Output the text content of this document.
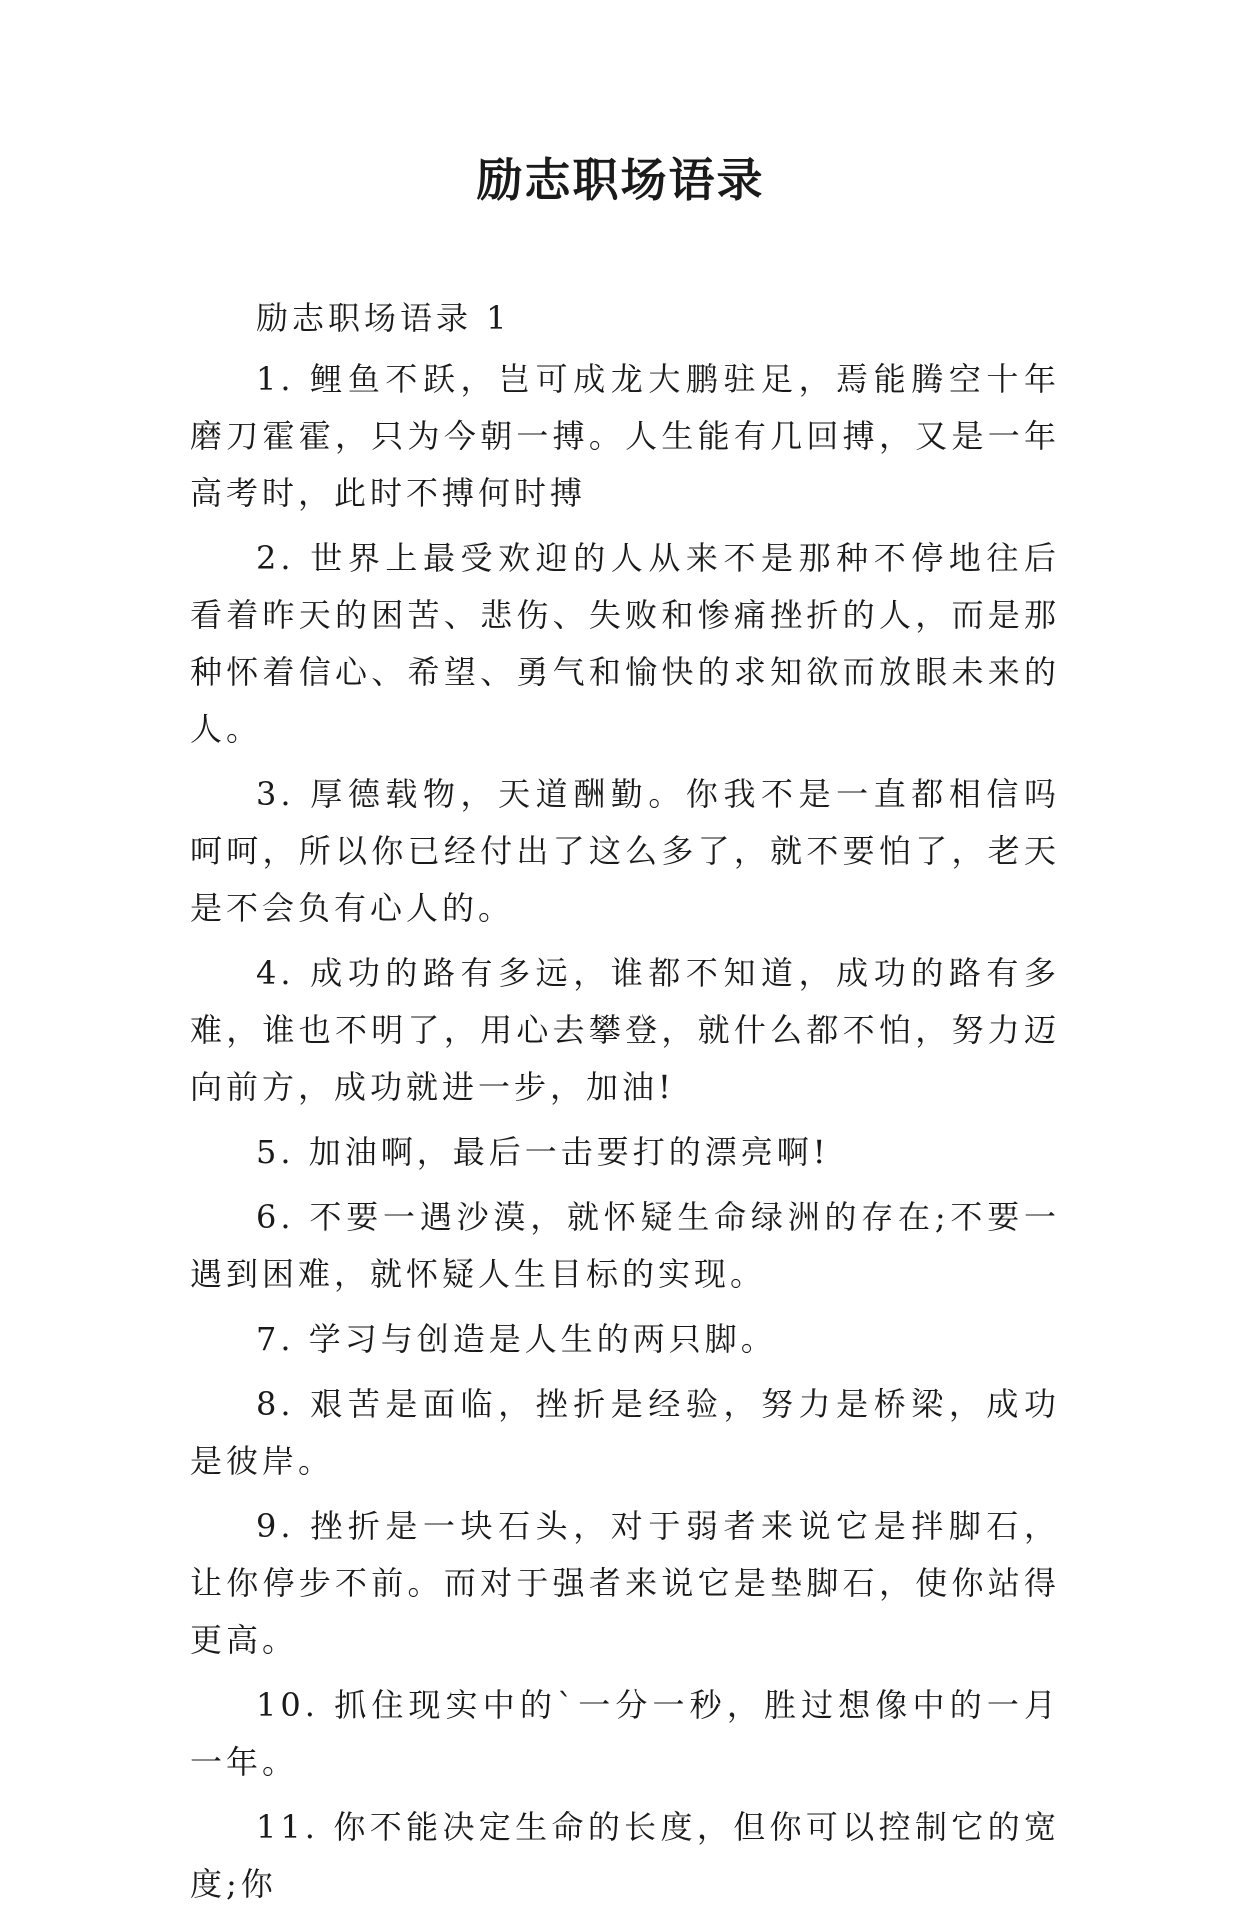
励志职场语录

励志职场语录 1

1. 鲤鱼不跃，岂可成龙大鹏驻足，焉能腾空十年磨刀霍霍，只为今朝一搏。人生能有几回搏，又是一年高考时，此时不搏何时搏

2. 世界上最受欢迎的人从来不是那种不停地往后看着昨天的困苦、悲伤、失败和惨痛挫折的人，而是那种怀着信心、希望、勇气和愉快的求知欲而放眼未来的人。

3. 厚德载物，天道酬勤。你我不是一直都相信吗呵呵，所以你已经付出了这么多了，就不要怕了，老天是不会负有心人的。

4. 成功的路有多远，谁都不知道，成功的路有多难，谁也不明了，用心去攀登，就什么都不怕，努力迈向前方，成功就进一步，加油!

5. 加油啊，最后一击要打的漂亮啊!

6. 不要一遇沙漠，就怀疑生命绿洲的存在;不要一遇到困难，就怀疑人生目标的实现。

7. 学习与创造是人生的两只脚。

8. 艰苦是面临，挫折是经验，努力是桥梁，成功是彼岸。

9. 挫折是一块石头，对于弱者来说它是拌脚石，让你停步不前。而对于强者来说它是垫脚石，使你站得更高。

10. 抓住现实中的`一分一秒，胜过想像中的一月一年。

11. 你不能决定生命的长度，但你可以控制它的宽度;你
